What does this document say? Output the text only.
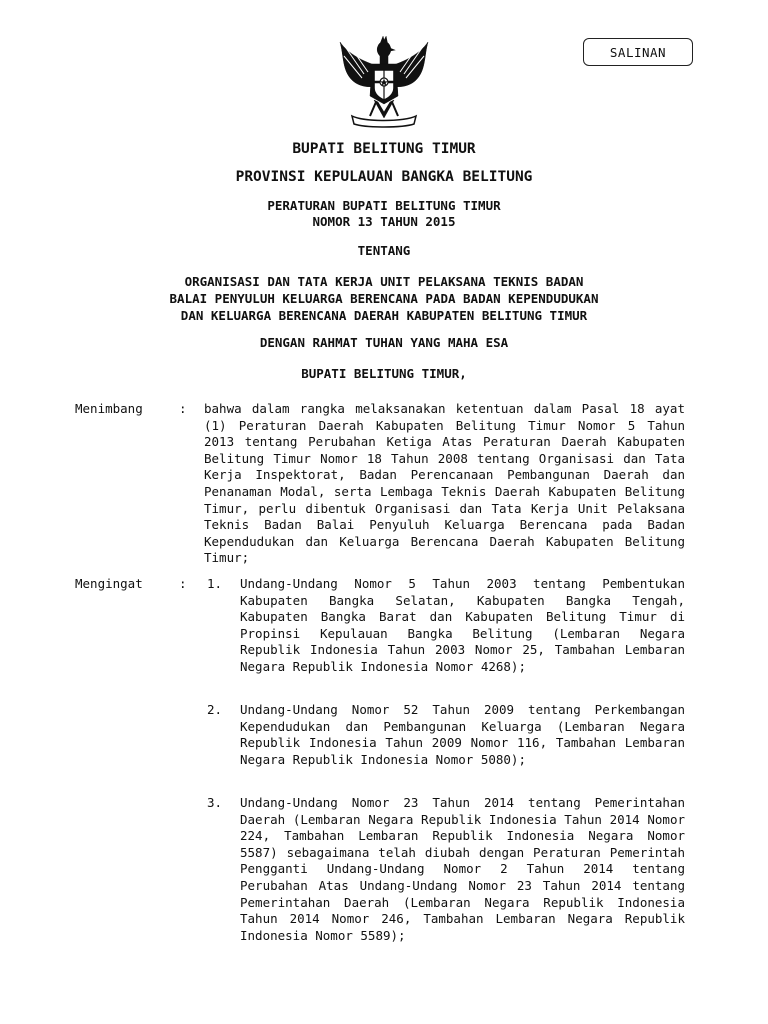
SALINAN
BUPATI BELITUNG TIMUR
PROVINSI KEPULAUAN BANGKA BELITUNG
PERATURAN BUPATI BELITUNG TIMUR
NOMOR 13 TAHUN 2015
TENTANG
ORGANISASI DAN TATA KERJA UNIT PELAKSANA TEKNIS BADAN
BALAI PENYULUH KELUARGA BERENCANA PADA BADAN KEPENDUDUKAN
DAN KELUARGA BERENCANA DAERAH KABUPATEN BELITUNG TIMUR
DENGAN RAHMAT TUHAN YANG MAHA ESA
BUPATI BELITUNG TIMUR,
Menimbang	: bahwa dalam rangka melaksanakan ketentuan dalam Pasal 18 ayat (1) Peraturan Daerah Kabupaten Belitung Timur Nomor 5 Tahun 2013 tentang Perubahan Ketiga Atas Peraturan Daerah Kabupaten Belitung Timur Nomor 18 Tahun 2008 tentang Organisasi dan Tata Kerja Inspektorat, Badan Perencanaan Pembangunan Daerah dan Penanaman Modal, serta Lembaga Teknis Daerah Kabupaten Belitung Timur, perlu dibentuk Organisasi dan Tata Kerja Unit Pelaksana Teknis Badan Balai Penyuluh Keluarga Berencana pada Badan Kependudukan dan Keluarga Berencana Daerah Kabupaten Belitung Timur;
Mengingat	: 1. Undang-Undang Nomor 5 Tahun 2003 tentang Pembentukan Kabupaten Bangka Selatan, Kabupaten Bangka Tengah, Kabupaten Bangka Barat dan Kabupaten Belitung Timur di Propinsi Kepulauan Bangka Belitung (Lembaran Negara Republik Indonesia Tahun 2003 Nomor 25, Tambahan Lembaran Negara Republik Indonesia Nomor 4268);
2. Undang-Undang Nomor 52 Tahun 2009 tentang Perkembangan Kependudukan dan Pembangunan Keluarga (Lembaran Negara Republik Indonesia Tahun 2009 Nomor 116, Tambahan Lembaran Negara Republik Indonesia Nomor 5080);
3. Undang-Undang Nomor 23 Tahun 2014 tentang Pemerintahan Daerah (Lembaran Negara Republik Indonesia Tahun 2014 Nomor 224, Tambahan Lembaran Republik Indonesia Negara Nomor 5587) sebagaimana telah diubah dengan Peraturan Pemerintah Pengganti Undang-Undang Nomor 2 Tahun 2014 tentang Perubahan Atas Undang-Undang Nomor 23 Tahun 2014 tentang Pemerintahan Daerah (Lembaran Negara Republik Indonesia Tahun 2014 Nomor 246, Tambahan Lembaran Negara Republik Indonesia Nomor 5589);
